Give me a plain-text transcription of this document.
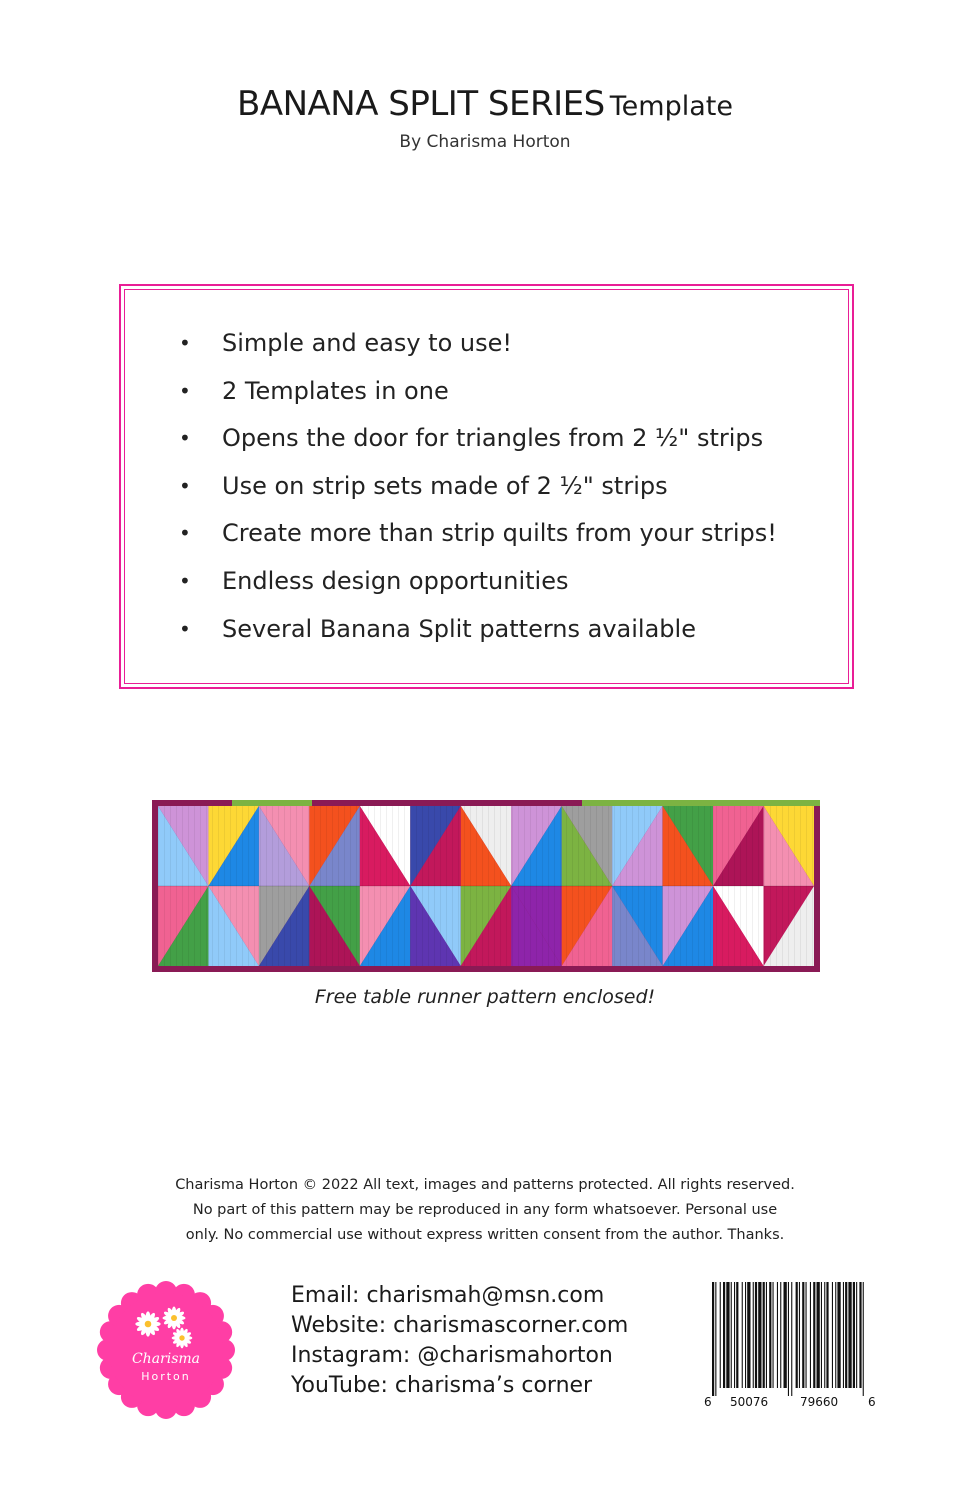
BANANA SPLIT SERIES Template
By Charisma Horton
• Simple and easy to use!
• 2 Templates in one
• Opens the door for triangles from 2 ½" strips
• Use on strip sets made of 2 ½" strips
• Create more than strip quilts from your strips!
• Endless design opportunities
• Several Banana Split patterns available
Free table runner pattern enclosed!
Charisma Horton © 2022 All text, images and patterns protected. All rights reserved.
No part of this pattern may be reproduced in any form whatsoever. Personal use
only. No commercial use without express written consent from the author. Thanks.
Charisma
Horton
Email: charismah@msn.com
Website: charismascorner.com
Instagram: @charismahorton
YouTube: charisma’s corner
6 50076	79660 6
